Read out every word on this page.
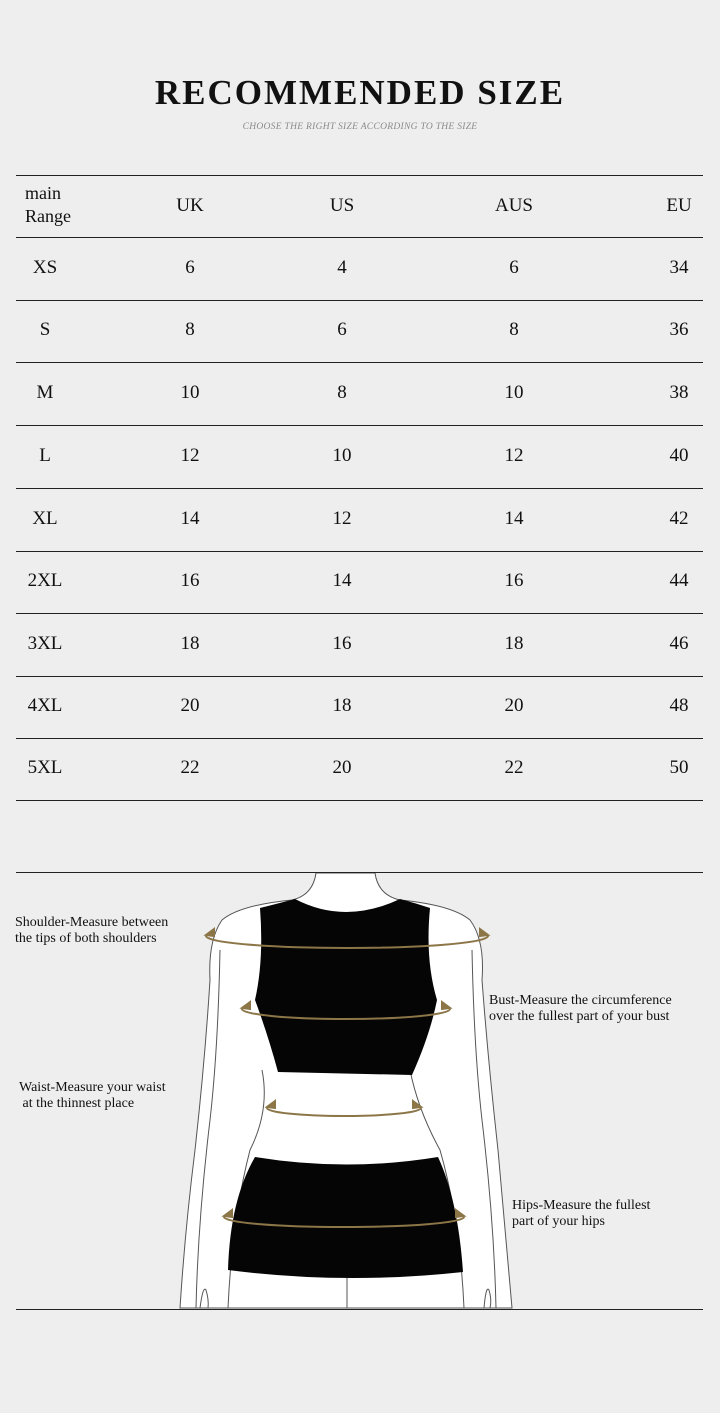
RECOMMENDED SIZE
CHOOSE THE RIGHT SIZE ACCORDING TO THE SIZE
main
Range	UK	US	AUS	EU
XS	6	4	6	34
S	8	6	8	36
M	10	8	10	38
L	12	10	12	40
XL	14	12	14	42
2XL	16	14	16	44
3XL	18	16	18	46
4XL	20	18	20	48
5XL	22	20	22	50
Shoulder-Measure between
the tips of both shoulders
Bust-Measure the circumference
over the fullest part of your bust
Waist-Measure your waist
at the thinnest place
Hips-Measure the fullest
part of your hips
